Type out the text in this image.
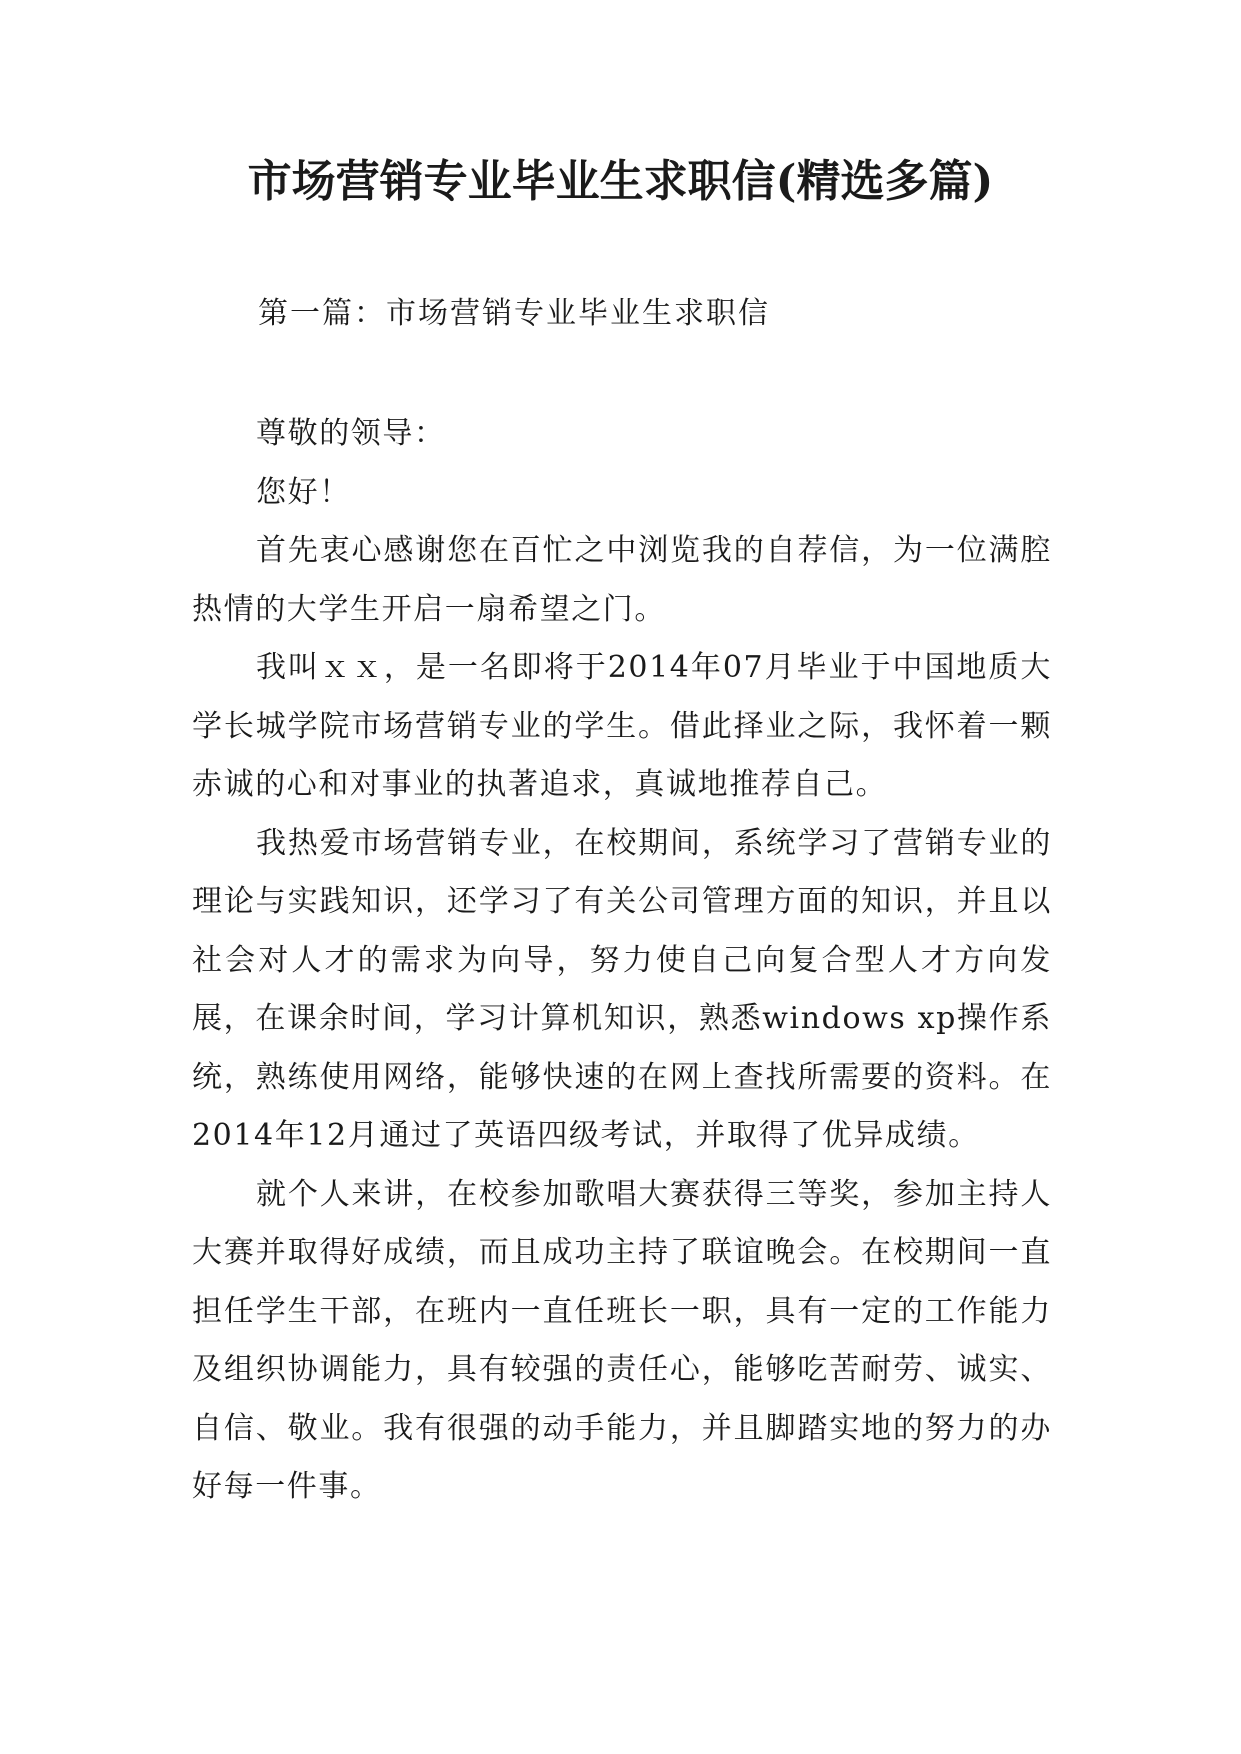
市场营销专业毕业生求职信(精选多篇)

第一篇：市场营销专业毕业生求职信

尊敬的领导：

您好！

首先衷心感谢您在百忙之中浏览我的自荐信，为一位满腔热情的大学生开启一扇希望之门。

我叫ｘｘ，是一名即将于2014年07月毕业于中国地质大学长城学院市场营销专业的学生。借此择业之际，我怀着一颗赤诚的心和对事业的执著追求，真诚地推荐自己。

我热爱市场营销专业，在校期间，系统学习了营销专业的理论与实践知识，还学习了有关公司管理方面的知识，并且以社会对人才的需求为向导，努力使自己向复合型人才方向发展，在课余时间，学习计算机知识，熟悉windows xp操作系统，熟练使用网络，能够快速的在网上查找所需要的资料。在2014年12月通过了英语四级考试，并取得了优异成绩。

就个人来讲，在校参加歌唱大赛获得三等奖，参加主持人大赛并取得好成绩，而且成功主持了联谊晚会。在校期间一直担任学生干部，在班内一直任班长一职，具有一定的工作能力及组织协调能力，具有较强的责任心，能够吃苦耐劳、诚实、自信、敬业。我有很强的动手能力，并且脚踏实地的努力的办好每一件事。
